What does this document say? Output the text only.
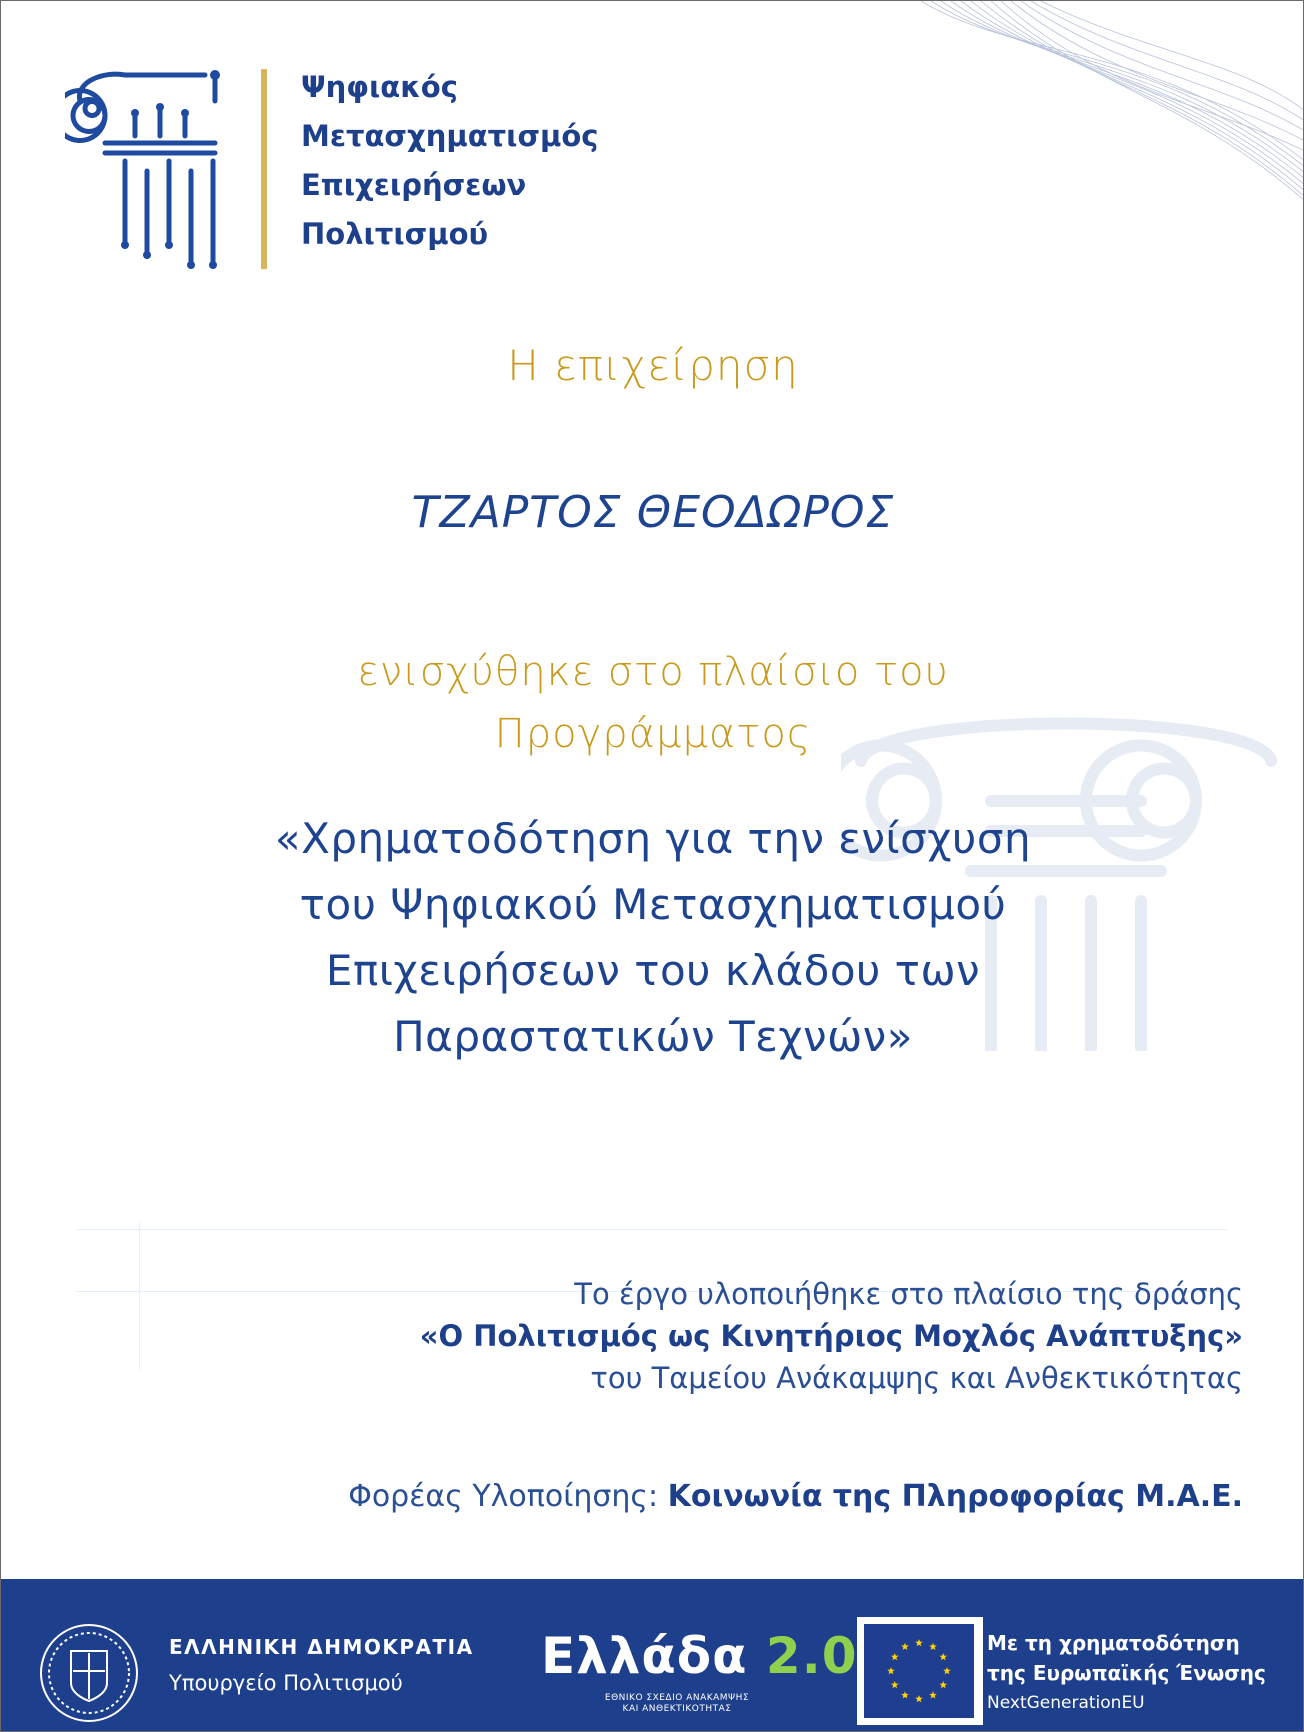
Ψηφιακός
Μετασχηματισμός
Επιχειρήσεων
Πολιτισμού
Η επιχείρηση
ΤΖΑΡΤΟΣ ΘΕΟΔΩΡΟΣ
ενισχύθηκε στο πλαίσιο του
Προγράμματος
«Χρηματοδότηση για την ενίσχυση
του Ψηφιακού Μετασχηματισμού
Επιχειρήσεων του κλάδου των
Παραστατικών Τεχνών»
Το έργο υλοποιήθηκε στο πλαίσιο της δράσης
«Ο Πολιτισμός ως Κινητήριος Μοχλός Ανάπτυξης»
του Ταμείου Ανάκαμψης και Ανθεκτικότητας
Φορέας Υλοποίησης: Κοινωνία της Πληροφορίας Μ.Α.Ε.
ΕΛΛΗΝΙΚΗ ΔΗΜΟΚΡΑΤΙΑ
Υπουργείο Πολιτισμού	Ελλάδα 2.0
ΕΘΝΙΚΟ ΣΧΕΔΙΟ ΑΝΑΚΑΜΨΗΣ
ΚΑΙ ΑΝΘΕΚΤΙΚΟΤΗΤΑΣ
Με τη χρηματοδότηση
της Ευρωπαϊκής Ένωσης
NextGenerationEU
